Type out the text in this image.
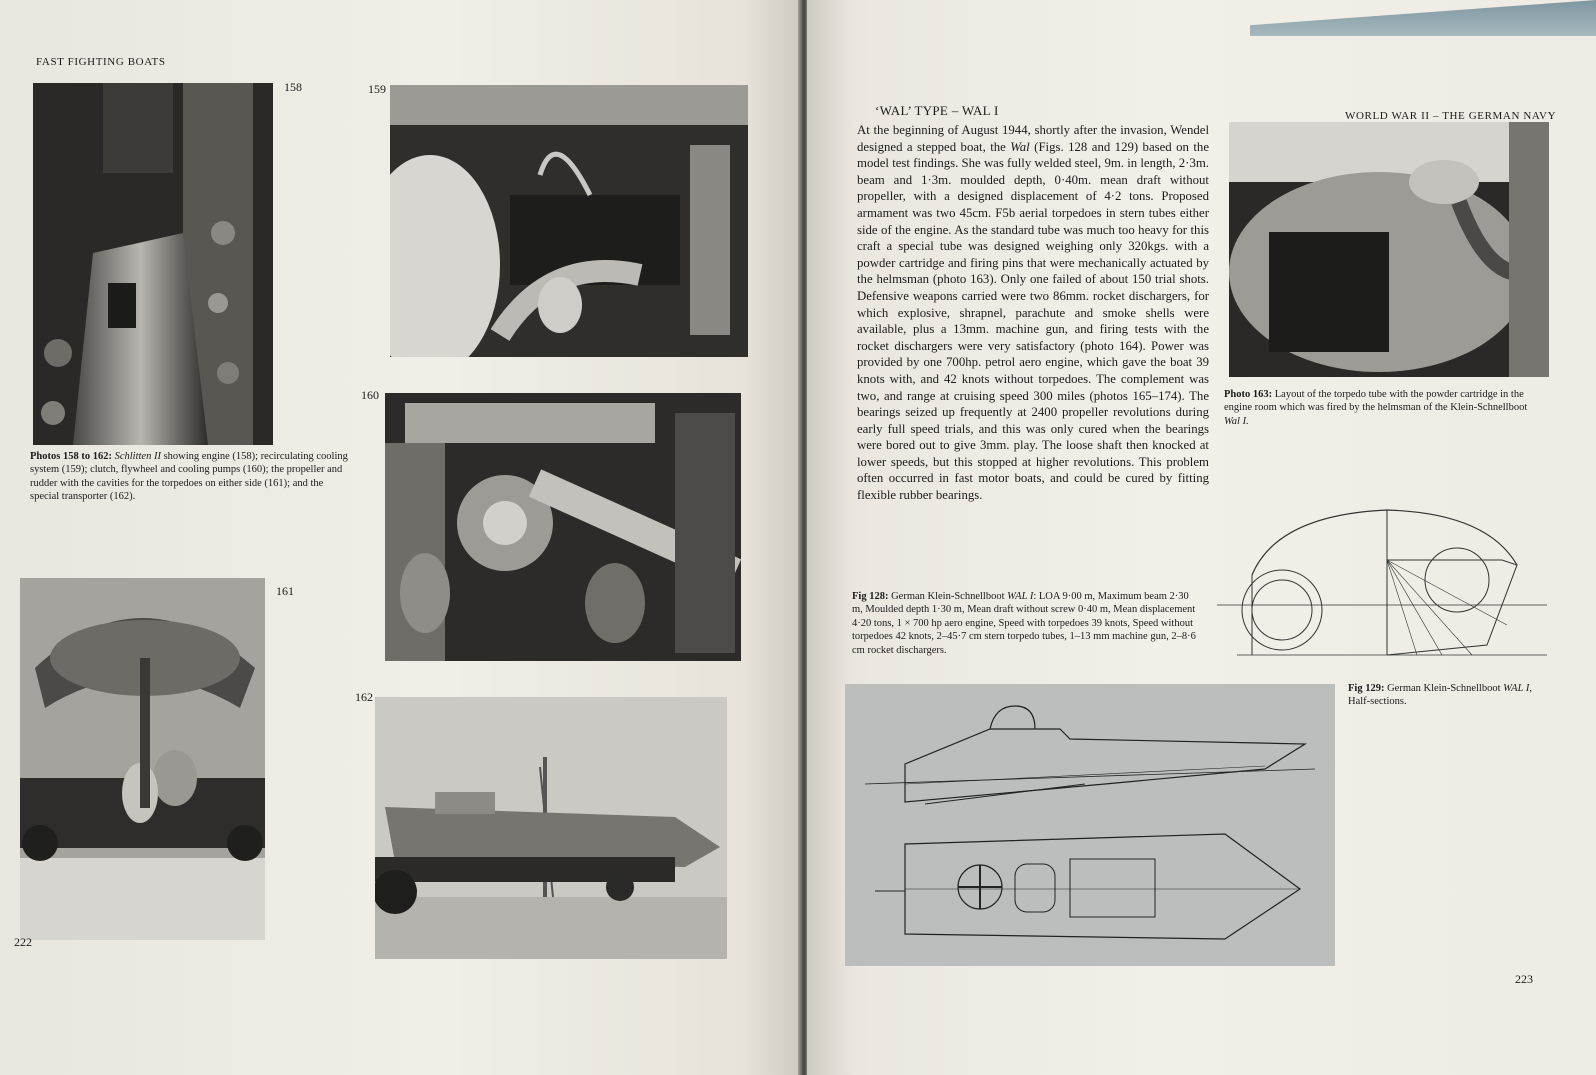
FAST FIGHTING BOATS
158	159
Photos 158 to 162: Schlitten II showing engine (158); recirculating cooling system (159); clutch, flywheel and cooling pumps (160); the propeller and rudder with the cavities for the torpedoes on either side (161); and the special transporter (162).
160
161
162
222
‘WAL’ TYPE – WAL I	WORLD WAR II – THE GERMAN NAVY
At the beginning of August 1944, shortly after the invasion, Wendel designed a stepped boat, the Wal (Figs. 128 and 129) based on the model test findings. She was fully welded steel, 9m. in length, 2·3m. beam and 1·3m. moulded depth, 0·40m. mean draft without propeller, with a designed displacement of 4·2 tons. Proposed armament was two 45cm. F5b aerial torpedoes in stern tubes either side of the engine. As the standard tube was much too heavy for this craft a special tube was designed weighing only 320kgs. with a powder cartridge and firing pins that were mechanically actuated by the helmsman (photo 163). Only one failed of about 150 trial shots. Defensive weapons carried were two 86mm. rocket dischargers, for which explosive, shrapnel, parachute and smoke shells were available, plus a 13mm. machine gun, and firing tests with the rocket dischargers were very satisfactory (photo 164). Power was provided by one 700hp. petrol aero engine, which gave the boat 39 knots with, and 42 knots without torpedoes. The complement was two, and range at cruising speed 300 miles (photos 165–174). The bearings seized up frequently at 2400 propeller revolutions during early full speed trials, and this was only cured when the bearings were bored out to give 3mm. play. The loose shaft then knocked at lower speeds, but this stopped at higher revolutions. This problem often occurred in fast motor boats, and could be cured by fitting flexible rubber bearings.
Photo 163: Layout of the torpedo tube with the powder cartridge in the engine room which was fired by the helmsman of the Klein-Schnellboot Wal I.
Fig 128: German Klein-Schnellboot WAL I: LOA 9·00 m, Maximum beam 2·30 m, Moulded depth 1·30 m, Mean draft without screw 0·40 m, Mean displacement 4·20 tons, 1 × 700 hp aero engine, Speed with torpedoes 39 knots, Speed without torpedoes 42 knots, 2–45·7 cm stern torpedo tubes, 1–13 mm machine gun, 2–8·6 cm rocket dischargers.
Fig 129: German Klein-Schnellboot WAL I, Half-sections.
223
